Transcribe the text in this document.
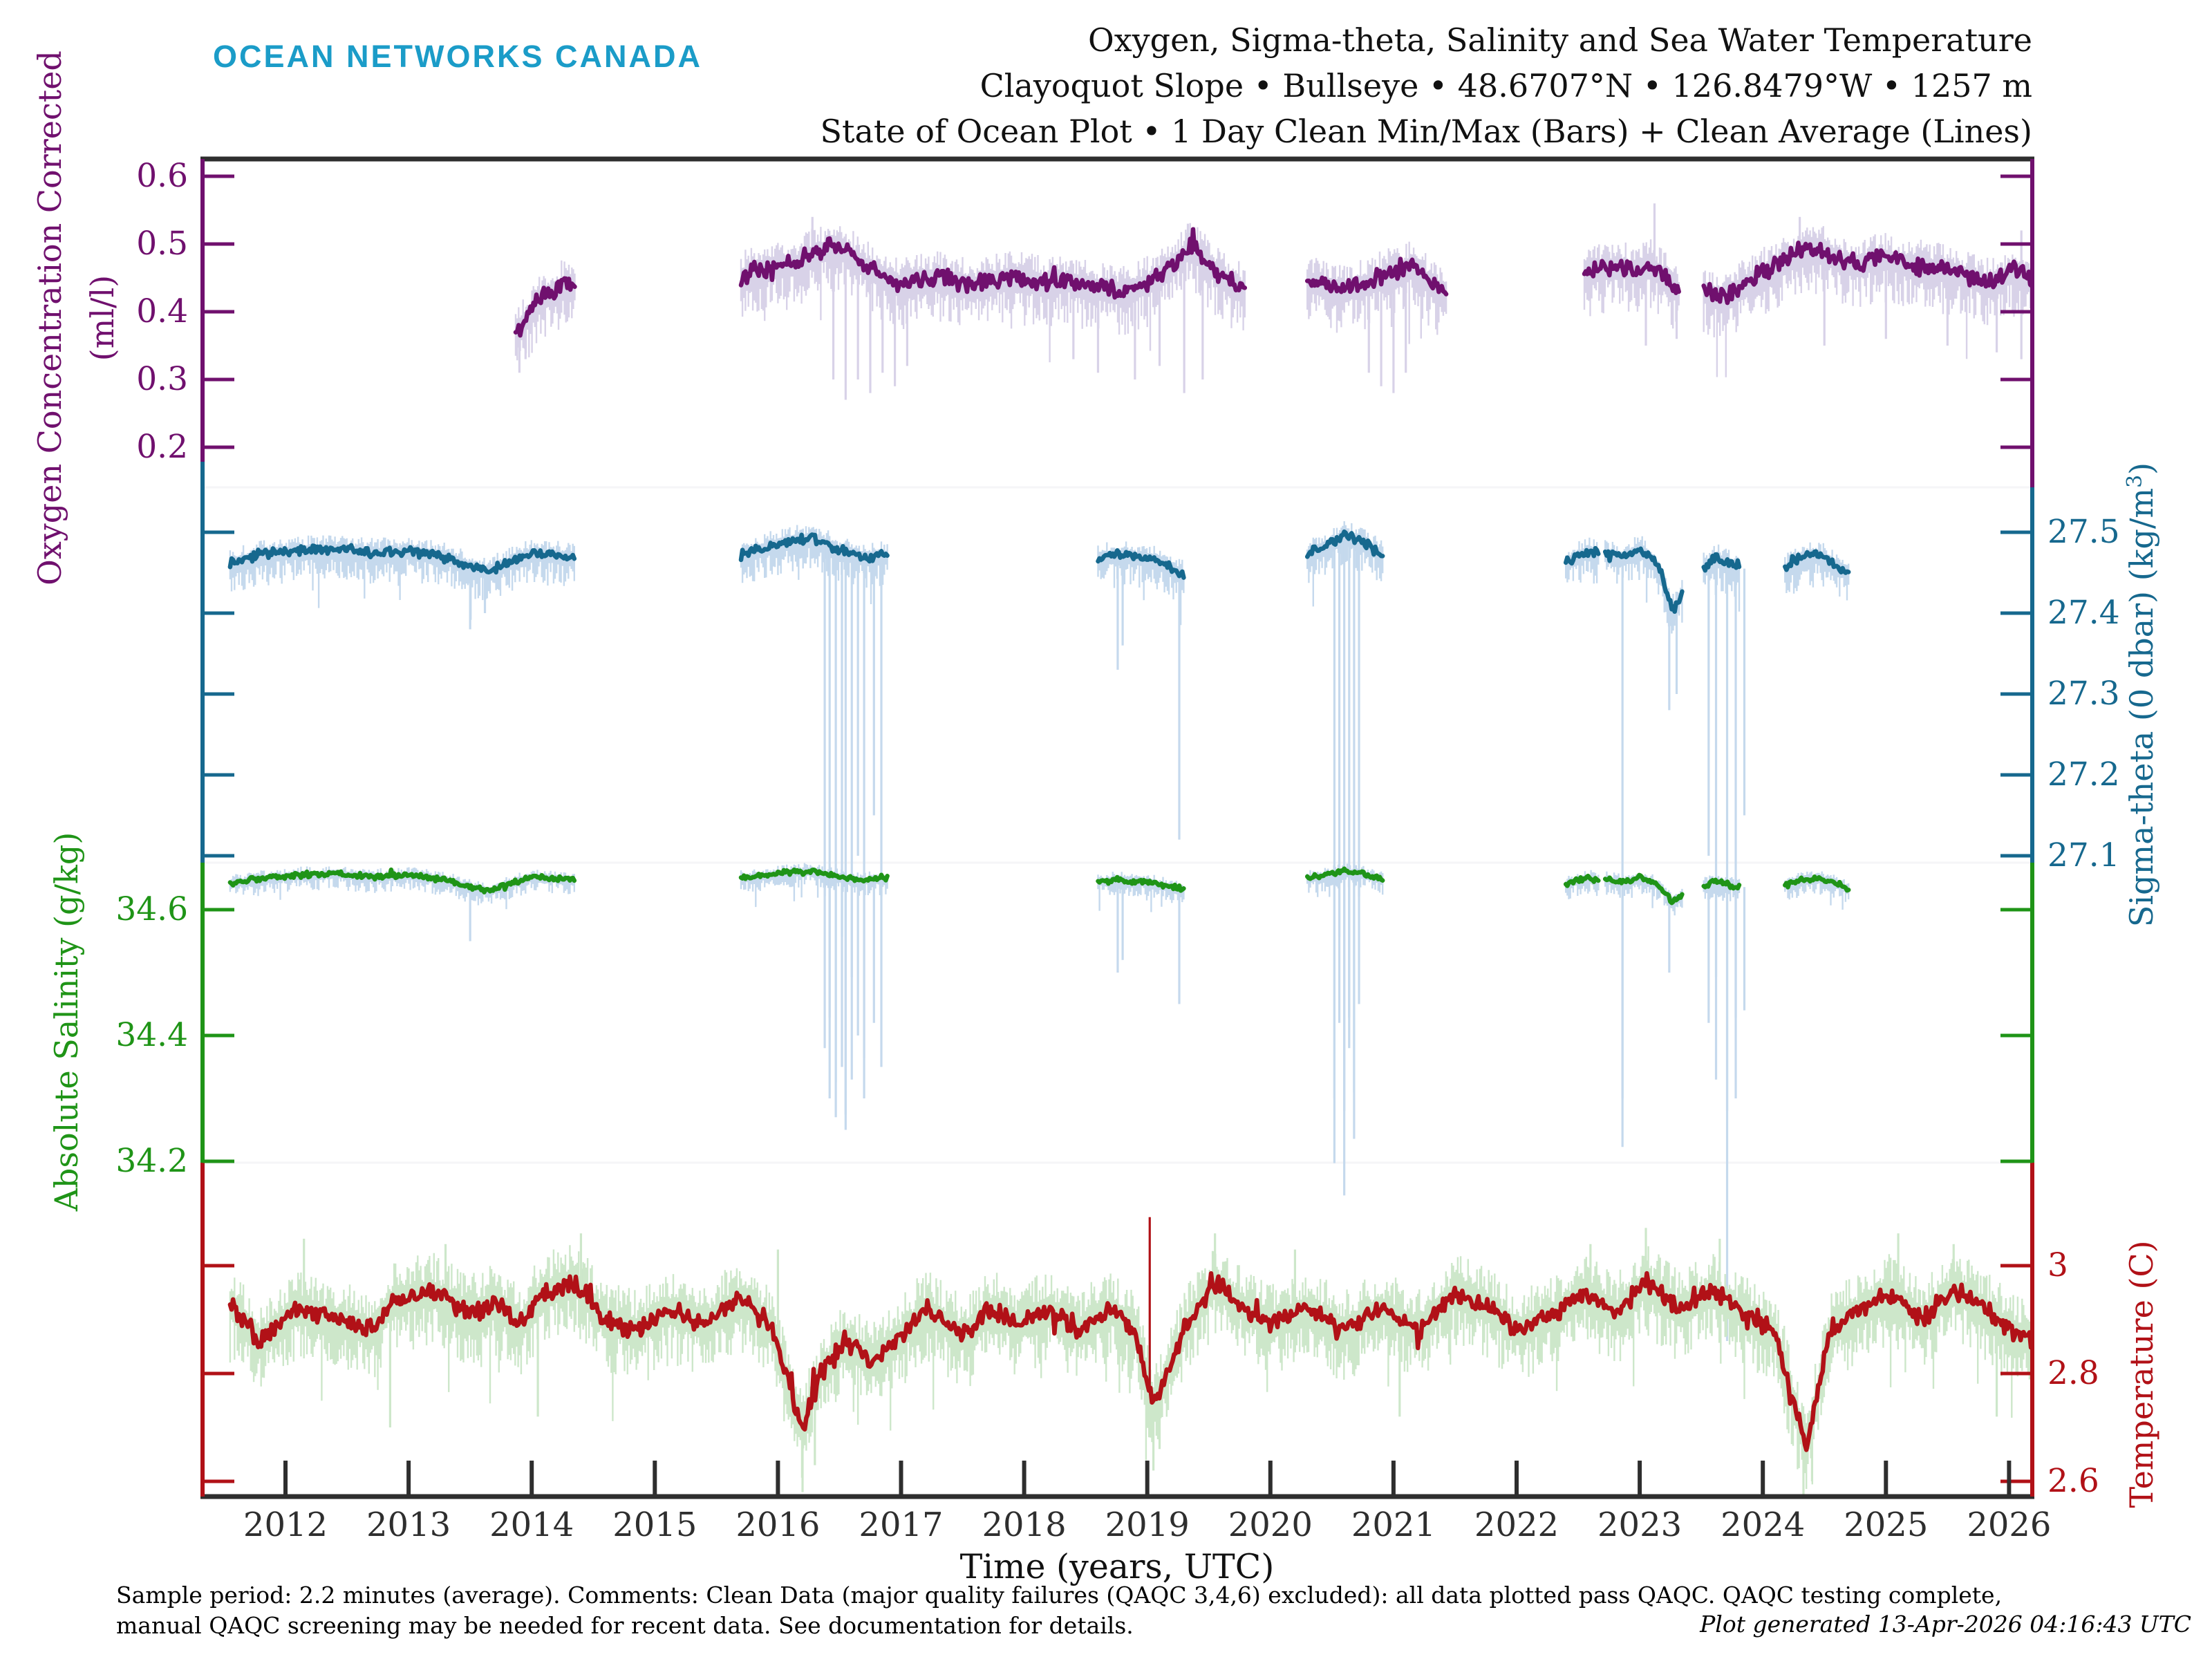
OCEAN NETWORKS CANADA	Oxygen, Sigma-theta, Salinity and Sea Water Temperature
Clayoquot Slope • Bullseye • 48.6707°N • 126.8479°W • 1257 m
State of Ocean Plot • 1 Day Clean Min/Max (Bars) + Clean Average (Lines)
Oxygen Concentration Corrected (ml/l)
Sigma-theta (0 dbar) $(kg/m^3)$
Absolute Salinity (g/kg)
Temperature (C)
0.6
0.5
0.4
0.3
0.2
34.6
34.4
34.2
27.5
27.4
27.3
27.2
27.1
3
2.8
2.6
2012	2013	2014	2015	2016	2017	2018	2019	2020	2021	2022	2023	2024	2025	2026
Time (years, UTC)
Sample period: 2.2 minutes (average). Comments: Clean Data (major quality failures (QAQC 3,4,6) excluded): all data plotted pass QAQC. QAQC testing complete,
manual QAQC screening may be needed for recent data. See documentation for details.	Plot generated 13-Apr-2026 04:16:43 UTC
